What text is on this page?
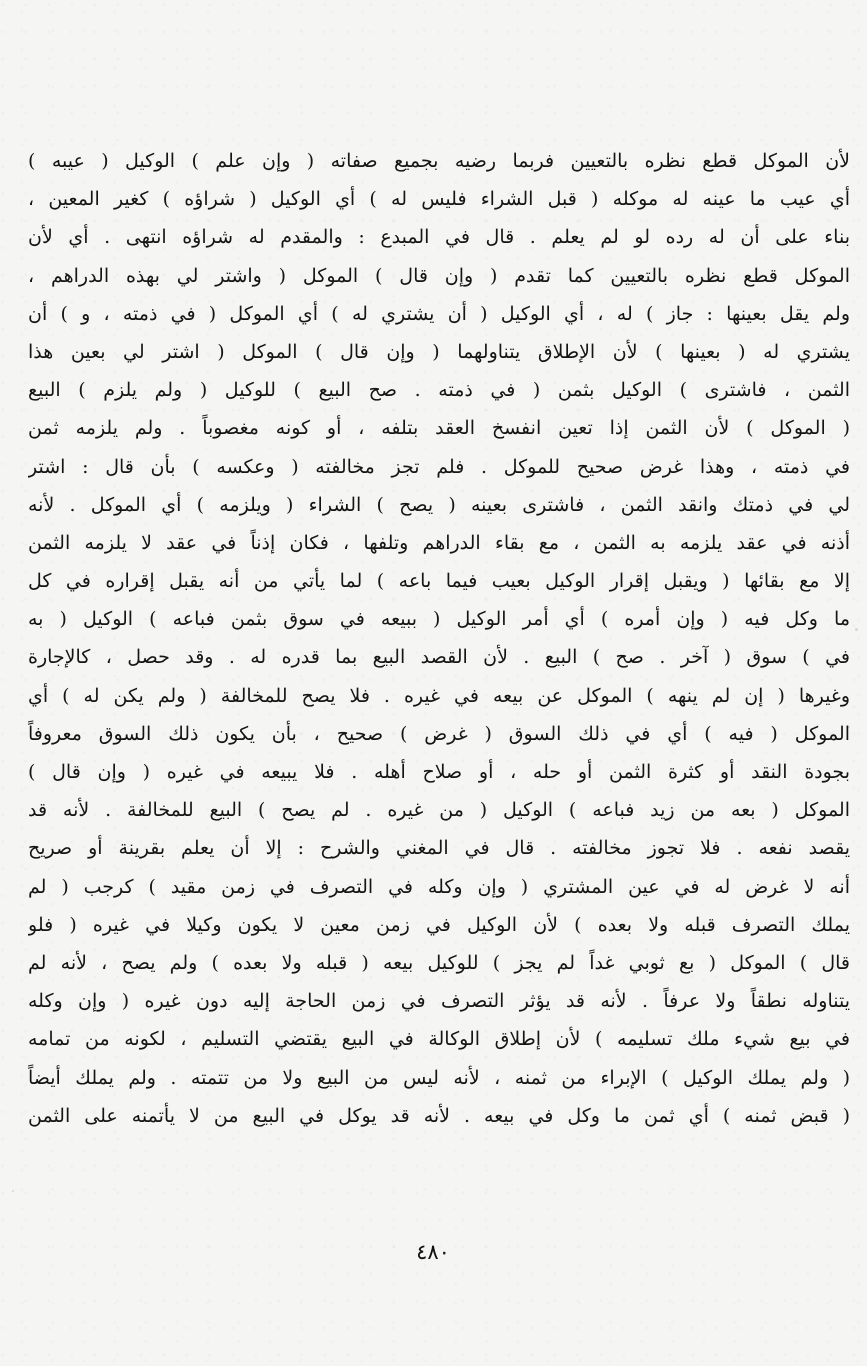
لأن الموكل قطع نظره بالتعيين فربما رضيه بجميع صفاته ( وإن علم ) الوكيل ( عيبه )
أي عيب ما عينه له موكله ( قبل الشراء فليس له ) أي الوكيل ( شراؤه ) كغير المعين ،
بناء على أن له رده لو لم يعلم . قال في المبدع : والمقدم له شراؤه انتهى . أي لأن
الموكل قطع نظره بالتعيين كما تقدم ( وإن قال ) الموكل ( واشتر لي بهذه الدراهم ،
ولم يقل بعينها : جاز ) له ، أي الوكيل ( أن يشتري له ) أي الموكل ( في ذمته ، و ) أن
يشتري له ( بعينها ) لأن الإطلاق يتناولهما ( وإن قال ) الموكل ( اشتر لي بعين هذا
الثمن ، فاشترى ) الوكيل بثمن ( في ذمته . صح البيع ) للوكيل ( ولم يلزم ) البيع
( الموكل ) لأن الثمن إذا تعين انفسخ العقد بتلفه ، أو كونه مغصوباً . ولم يلزمه ثمن
في ذمته ، وهذا غرض صحيح للموكل . فلم تجز مخالفته ( وعكسه ) بأن قال : اشتر
لي في ذمتك وانقد الثمن ، فاشترى بعينه ( يصح ) الشراء ( ويلزمه ) أي الموكل . لأنه
أذنه في عقد يلزمه به الثمن ، مع بقاء الدراهم وتلفها ، فكان إذناً في عقد لا يلزمه الثمن
إلا مع بقائها ( ويقبل إقرار الوكيل بعيب فيما باعه ) لما يأتي من أنه يقبل إقراره في كل
ما وكل فيه ( وإن أمره ) أي أمر الوكيل ( ببيعه في سوق بثمن فباعه ) الوكيل ( به
في ) سوق ( آخر . صح ) البيع . لأن القصد البيع بما قدره له . وقد حصل ، كالإجارة
وغيرها ( إن لم ينهه ) الموكل عن بيعه في غيره . فلا يصح للمخالفة ( ولم يكن له ) أي
الموكل ( فيه ) أي في ذلك السوق ( غرض ) صحيح ، بأن يكون ذلك السوق معروفاً
بجودة النقد أو كثرة الثمن أو حله ، أو صلاح أهله . فلا يبيعه في غيره ( وإن قال )
الموكل ( بعه من زيد فباعه ) الوكيل ( من غيره . لم يصح ) البيع للمخالفة . لأنه قد
يقصد نفعه . فلا تجوز مخالفته . قال في المغني والشرح : إلا أن يعلم بقرينة أو صريح
أنه لا غرض له في عين المشتري ( وإن وكله في التصرف في زمن مقيد ) كرجب ( لم
يملك التصرف قبله ولا بعده ) لأن الوكيل في زمن معين لا يكون وكيلا في غيره ( فلو
قال ) الموكل ( بع ثوبي غداً لم يجز ) للوكيل بيعه ( قبله ولا بعده ) ولم يصح ، لأنه لم
يتناوله نطقاً ولا عرفاً . لأنه قد يؤثر التصرف في زمن الحاجة إليه دون غيره ( وإن وكله
في بيع شيء ملك تسليمه ) لأن إطلاق الوكالة في البيع يقتضي التسليم ، لكونه من تمامه
( ولم يملك الوكيل ) الإبراء من ثمنه ، لأنه ليس من البيع ولا من تتمته . ولم يملك أيضاً
( قبض ثمنه ) أي ثمن ما وكل في بيعه . لأنه قد يوكل في البيع من لا يأتمنه على الثمن
٤٨٠
